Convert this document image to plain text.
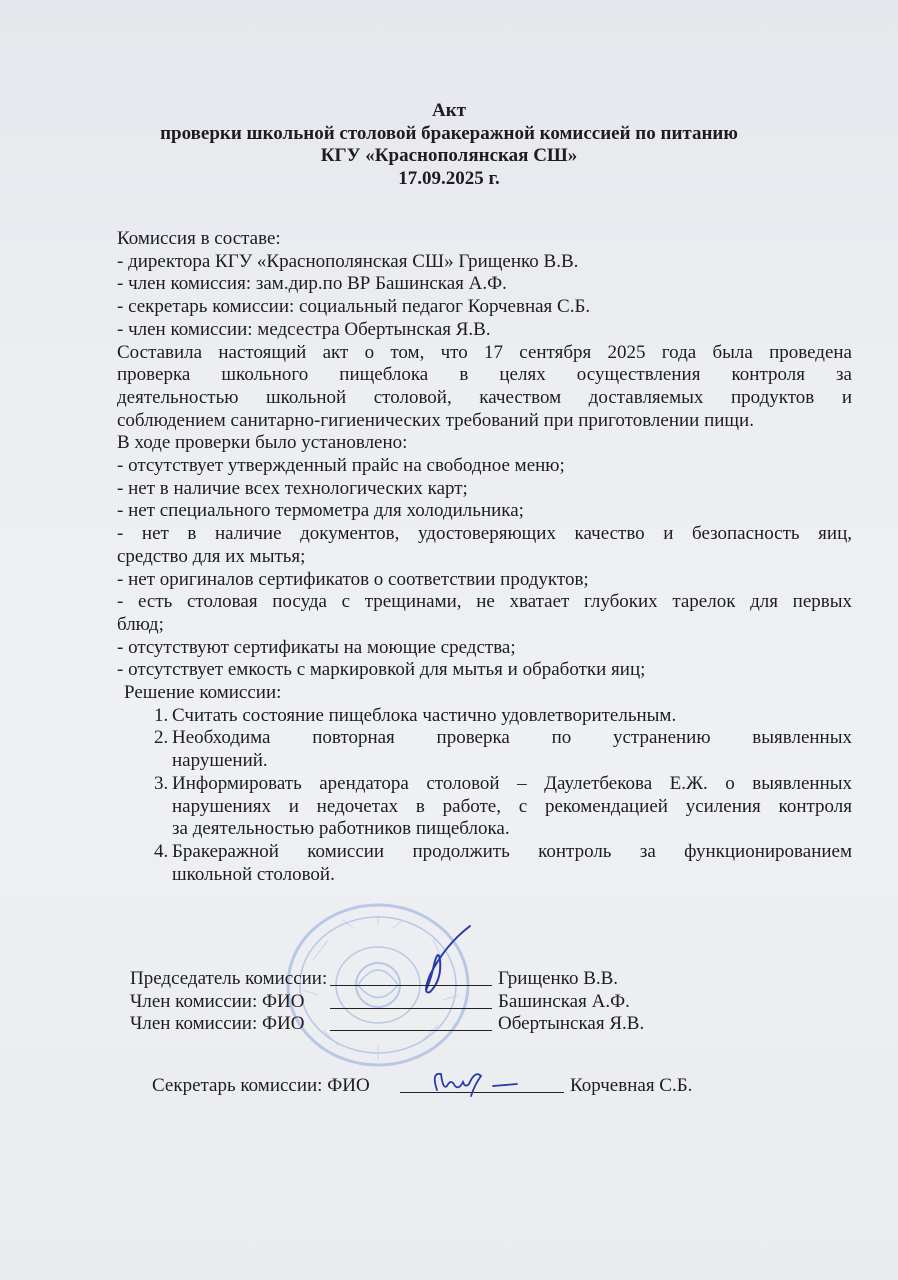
Акт
проверки школьной столовой бракеражной комиссией по питанию
КГУ «Краснополянская СШ»
17.09.2025 г.
Комиссия в составе:
- директора КГУ «Краснополянская СШ» Грищенко В.В.
- член комиссия: зам.дир.по ВР Башинская А.Ф.
- секретарь комиссии: социальный педагог Корчевная С.Б.
- член комиссии: медсестра Обертынская Я.В.
Составила настоящий акт о том, что 17 сентября 2025 года была проведена
проверка школьного пищеблока в целях осуществления контроля за
деятельностью школьной столовой, качеством доставляемых продуктов и
соблюдением санитарно-гигиенических требований при приготовлении пищи.
В ходе проверки было установлено:
- отсутствует утвержденный прайс на свободное меню;
- нет в наличие всех технологических карт;
- нет специального термометра для холодильника;
- нет в наличие документов, удостоверяющих качество и безопасность яиц,
средство для их мытья;
- нет оригиналов сертификатов о соответствии продуктов;
- есть столовая посуда с трещинами, не хватает глубоких тарелок для первых
блюд;
- отсутствуют сертификаты на моющие средства;
- отсутствует емкость с маркировкой для мытья и обработки яиц;
Решение комиссии:
1. Считать состояние пищеблока частично удовлетворительным.
2. Необходима повторная проверка по устранению выявленных
нарушений.
3. Информировать арендатора столовой – Даулетбекова Е.Ж. о выявленных
нарушениях и недочетах в работе, с рекомендацией усиления контроля
за деятельностью работников пищеблока.
4. Бракеражной комиссии продолжить контроль за функционированием
школьной столовой.
Председатель комиссии:	Грищенко В.В.
Член комиссии: ФИО	Башинская А.Ф.
Член комиссии: ФИО	Обертынская Я.В.
Секретарь комиссии: ФИО	Корчевная С.Б.
